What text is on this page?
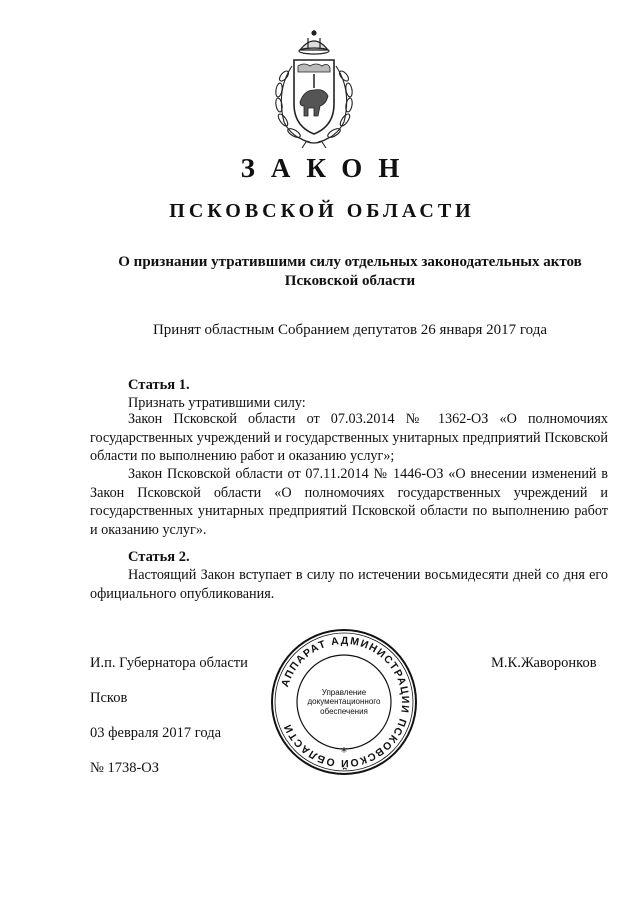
ЗАКОН
ПСКОВСКОЙ ОБЛАСТИ
О признании утратившими силу отдельных законодательных актов
Псковской области
Принят областным Собранием депутатов 26 января 2017 года
Статья 1.
Признать утратившими силу:
Закон Псковской области от 07.03.2014 № 1362-ОЗ «О полномочиях государственных учреждений и государственных унитарных предприятий Псковской области по выполнению работ и оказанию услуг»;
Закон Псковской области от 07.11.2014 № 1446-ОЗ «О внесении изменений в Закон Псковской области «О полномочиях государственных учреждений и государственных унитарных предприятий Псковской области по выполнению работ и оказанию услуг».
Статья 2.
Настоящий Закон вступает в силу по истечении восьмидесяти дней со дня его официального опубликования.
И.п. Губернатора области	М.К.Жаворонков
Псков
03 февраля 2017 года
№ 1738-ОЗ
АППАРАТ АДМИНИСТРАЦИИ ПСКОВСКОЙ ОБЛАСТИ
*
Управление
документационного
обеспечения
